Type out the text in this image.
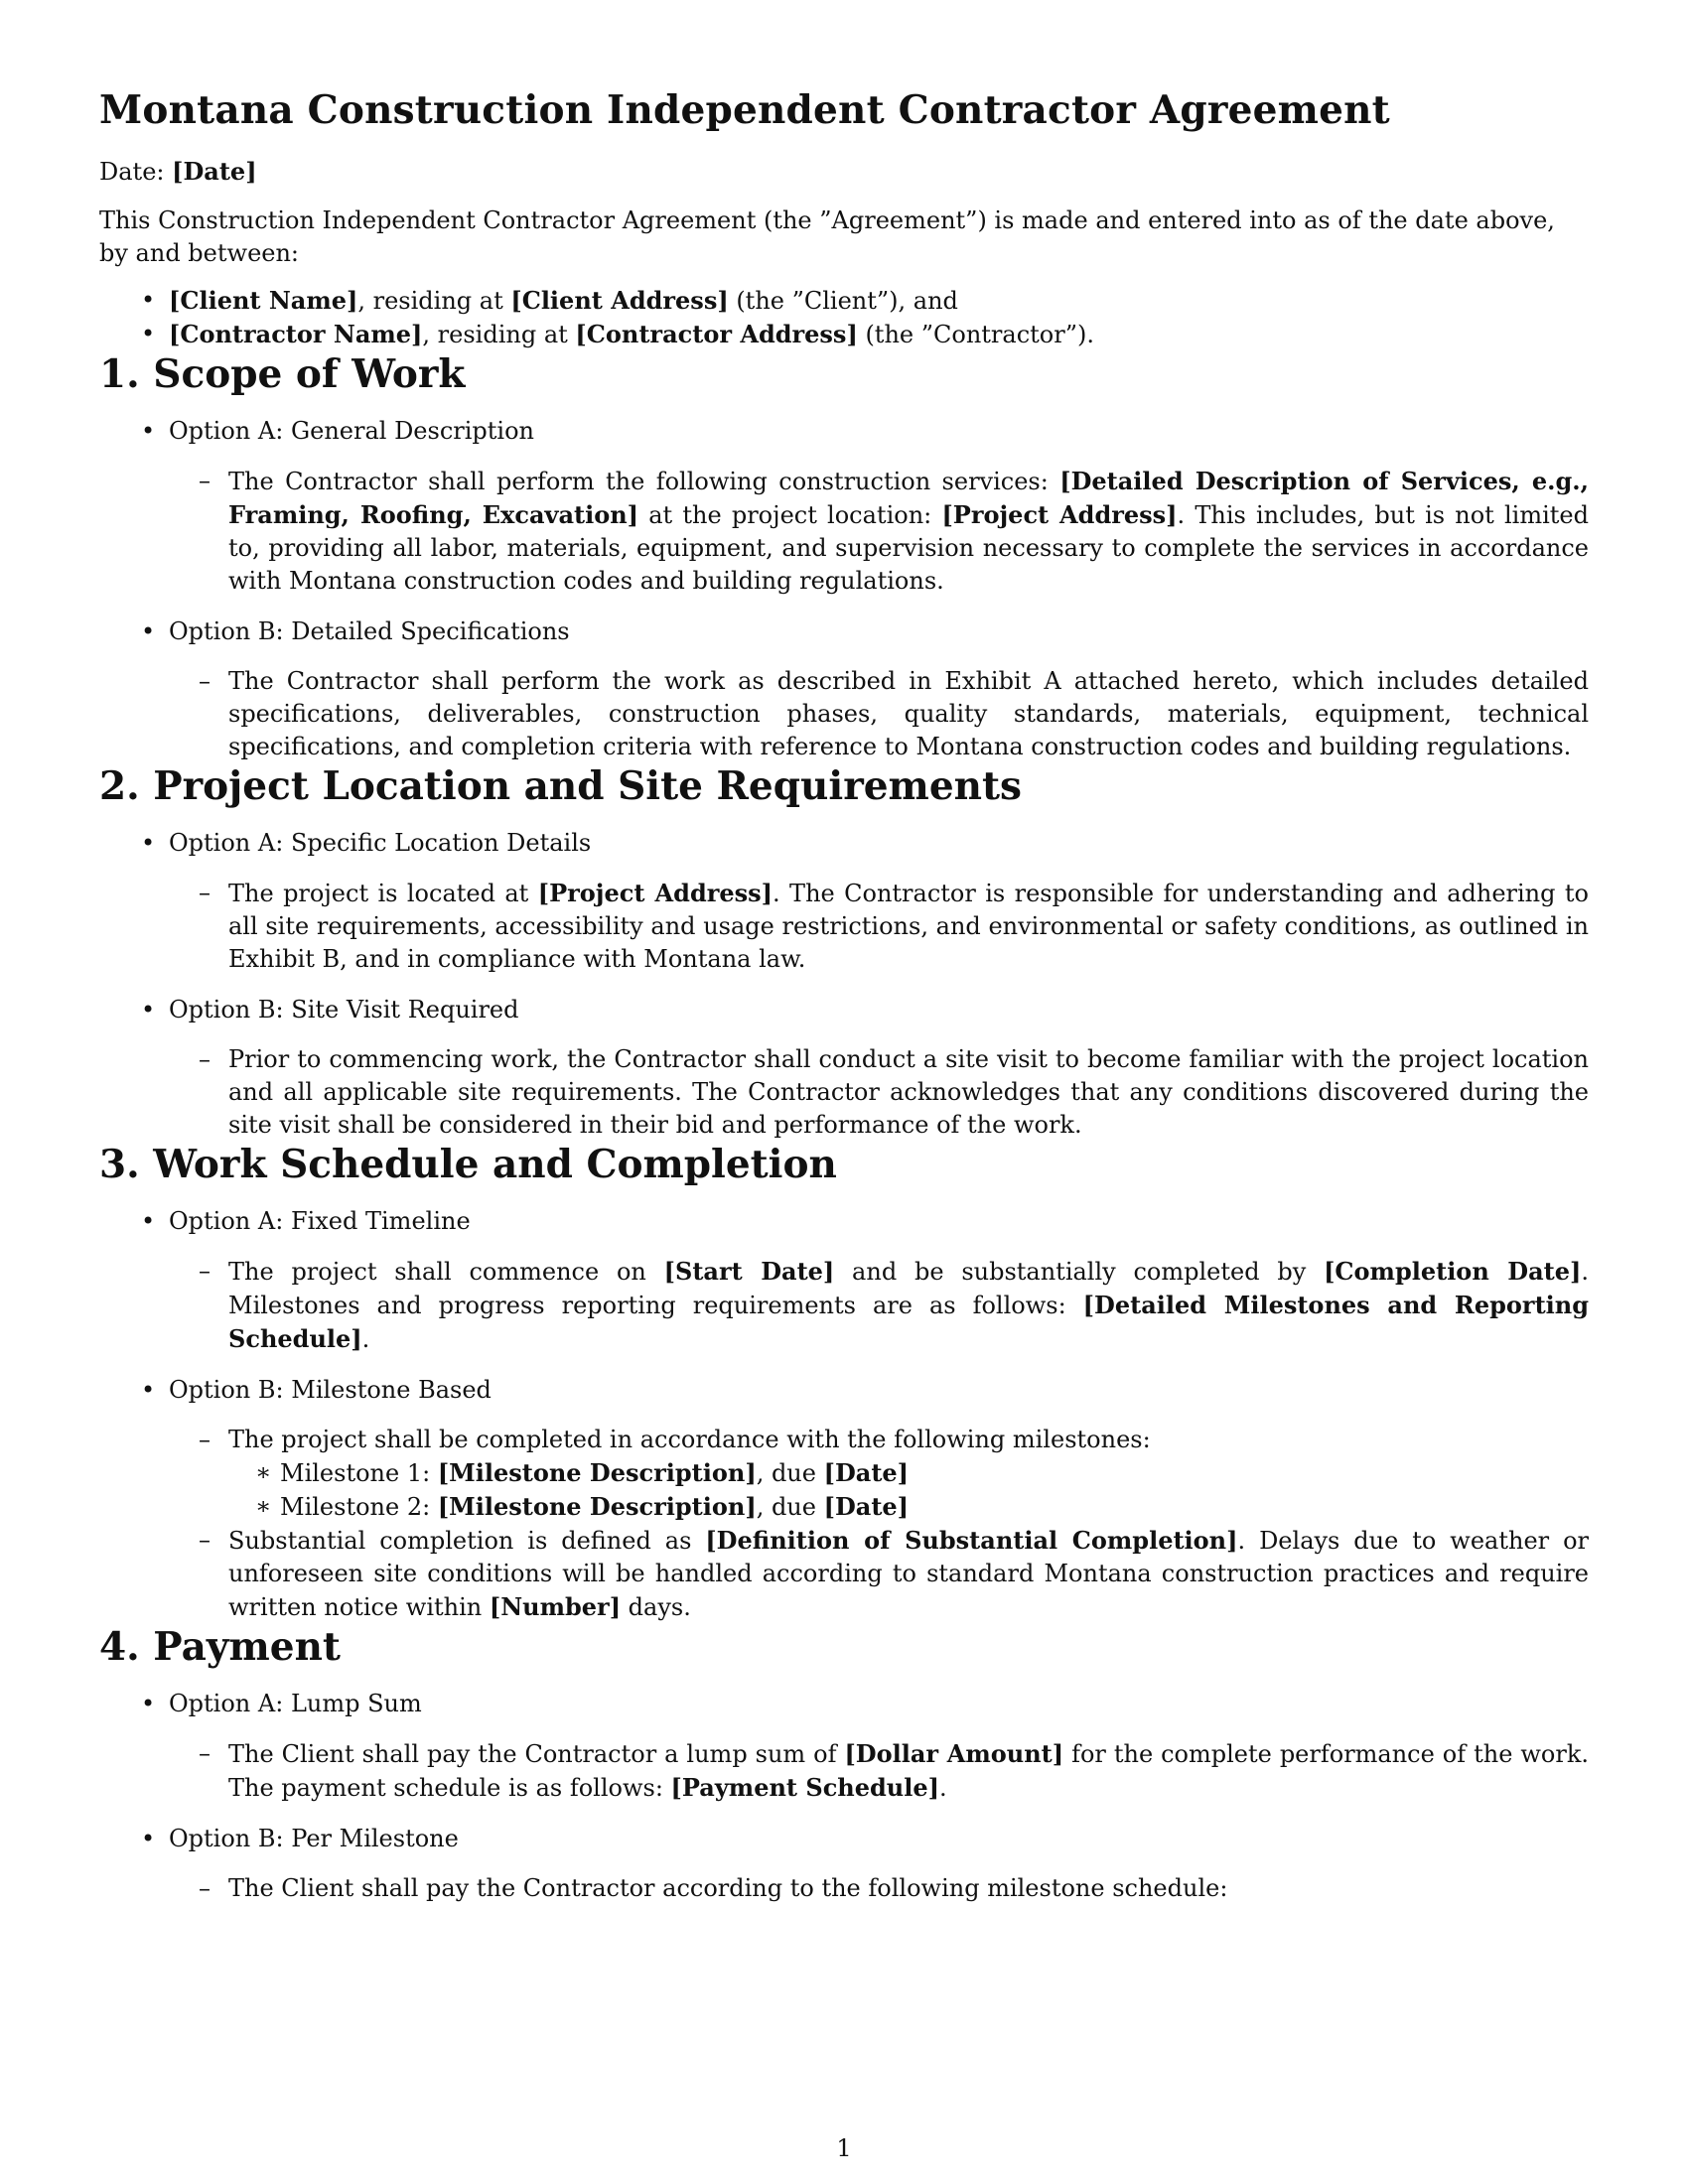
Montana Construction Independent Contractor Agreement

Date: [Date]

This Construction Independent Contractor Agreement (the ”Agreement”) is made and entered into as of the date above, by and between:

• [Client Name], residing at [Client Address] (the ”Client”), and
• [Contractor Name], residing at [Contractor Address] (the ”Contractor”).
1. Scope of Work
• Option A: General Description
– The Contractor shall perform the following construction services: [Detailed Description of Services, e.g., Framing, Roofing, Excavation] at the project location: [Project Address]. This includes, but is not limited to, providing all labor, materials, equipment, and supervision necessary to complete the services in accordance with Montana construction codes and building regulations.
• Option B: Detailed Specifications
– The Contractor shall perform the work as described in Exhibit A attached hereto, which includes detailed specifications, deliverables, construction phases, quality standards, materials, equipment, technical specifications, and completion criteria with reference to Montana construction codes and building regulations.
2. Project Location and Site Requirements
• Option A: Specific Location Details
– The project is located at [Project Address]. The Contractor is responsible for understanding and adhering to all site requirements, accessibility and usage restrictions, and environmental or safety conditions, as outlined in Exhibit B, and in compliance with Montana law.
• Option B: Site Visit Required
– Prior to commencing work, the Contractor shall conduct a site visit to become familiar with the project location and all applicable site requirements. The Contractor acknowledges that any conditions discovered during the site visit shall be considered in their bid and performance of the work.
3. Work Schedule and Completion
• Option A: Fixed Timeline
– The project shall commence on [Start Date] and be substantially completed by [Completion Date]. Milestones and progress reporting requirements are as follows: [Detailed Milestones and Reporting Schedule].
• Option B: Milestone Based
– The project shall be completed in accordance with the following milestones:
∗ Milestone 1: [Milestone Description], due [Date]
∗ Milestone 2: [Milestone Description], due [Date]
– Substantial completion is defined as [Definition of Substantial Completion]. Delays due to weather or unforeseen site conditions will be handled according to standard Montana construction practices and require written notice within [Number] days.
4. Payment
• Option A: Lump Sum
– The Client shall pay the Contractor a lump sum of [Dollar Amount] for the complete performance of the work. The payment schedule is as follows: [Payment Schedule].
• Option B: Per Milestone
– The Client shall pay the Contractor according to the following milestone schedule:
1
